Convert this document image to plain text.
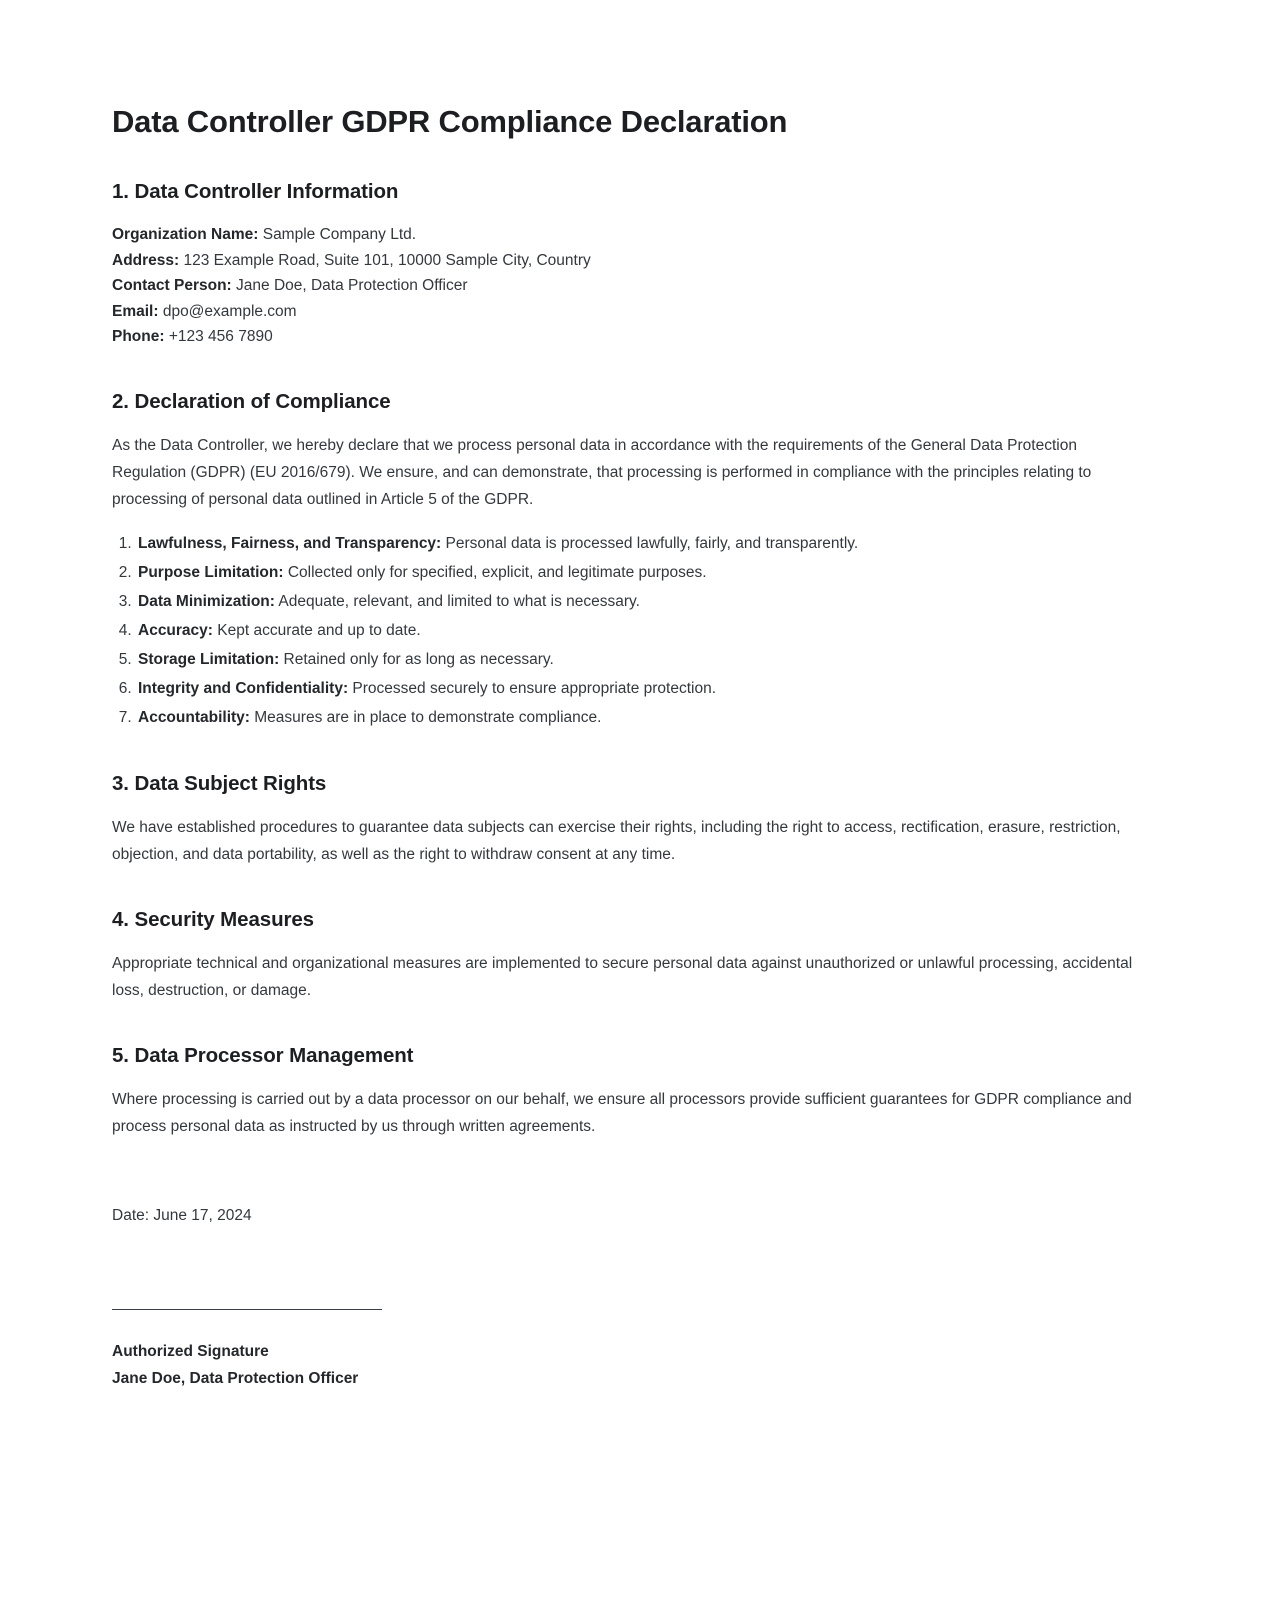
Data Controller GDPR Compliance Declaration
1. Data Controller Information

Organization Name: Sample Company Ltd.

Address: 123 Example Road, Suite 101, 10000 Sample City, Country

Contact Person: Jane Doe, Data Protection Officer

Email: dpo@example.com

Phone: +123 456 7890

2. Declaration of Compliance

As the Data Controller, we hereby declare that we process personal data in accordance with the requirements of the General Data Protection Regulation (GDPR) (EU 2016/679). We ensure, and can demonstrate, that processing is performed in compliance with the principles relating to processing of personal data outlined in Article 5 of the GDPR.

1. Lawfulness, Fairness, and Transparency: Personal data is processed lawfully, fairly, and transparently.
2. Purpose Limitation: Collected only for specified, explicit, and legitimate purposes.
3. Data Minimization: Adequate, relevant, and limited to what is necessary.
4. Accuracy: Kept accurate and up to date.
5. Storage Limitation: Retained only for as long as necessary.
6. Integrity and Confidentiality: Processed securely to ensure appropriate protection.
7. Accountability: Measures are in place to demonstrate compliance.
3. Data Subject Rights

We have established procedures to guarantee data subjects can exercise their rights, including the right to access, rectification, erasure, restriction, objection, and data portability, as well as the right to withdraw consent at any time.

4. Security Measures

Appropriate technical and organizational measures are implemented to secure personal data against unauthorized or unlawful processing, accidental loss, destruction, or damage.

5. Data Processor Management

Where processing is carried out by a data processor on our behalf, we ensure all processors provide sufficient guarantees for GDPR compliance and process personal data as instructed by us through written agreements.

Date: June 17, 2024

Authorized Signature

Jane Doe, Data Protection Officer
